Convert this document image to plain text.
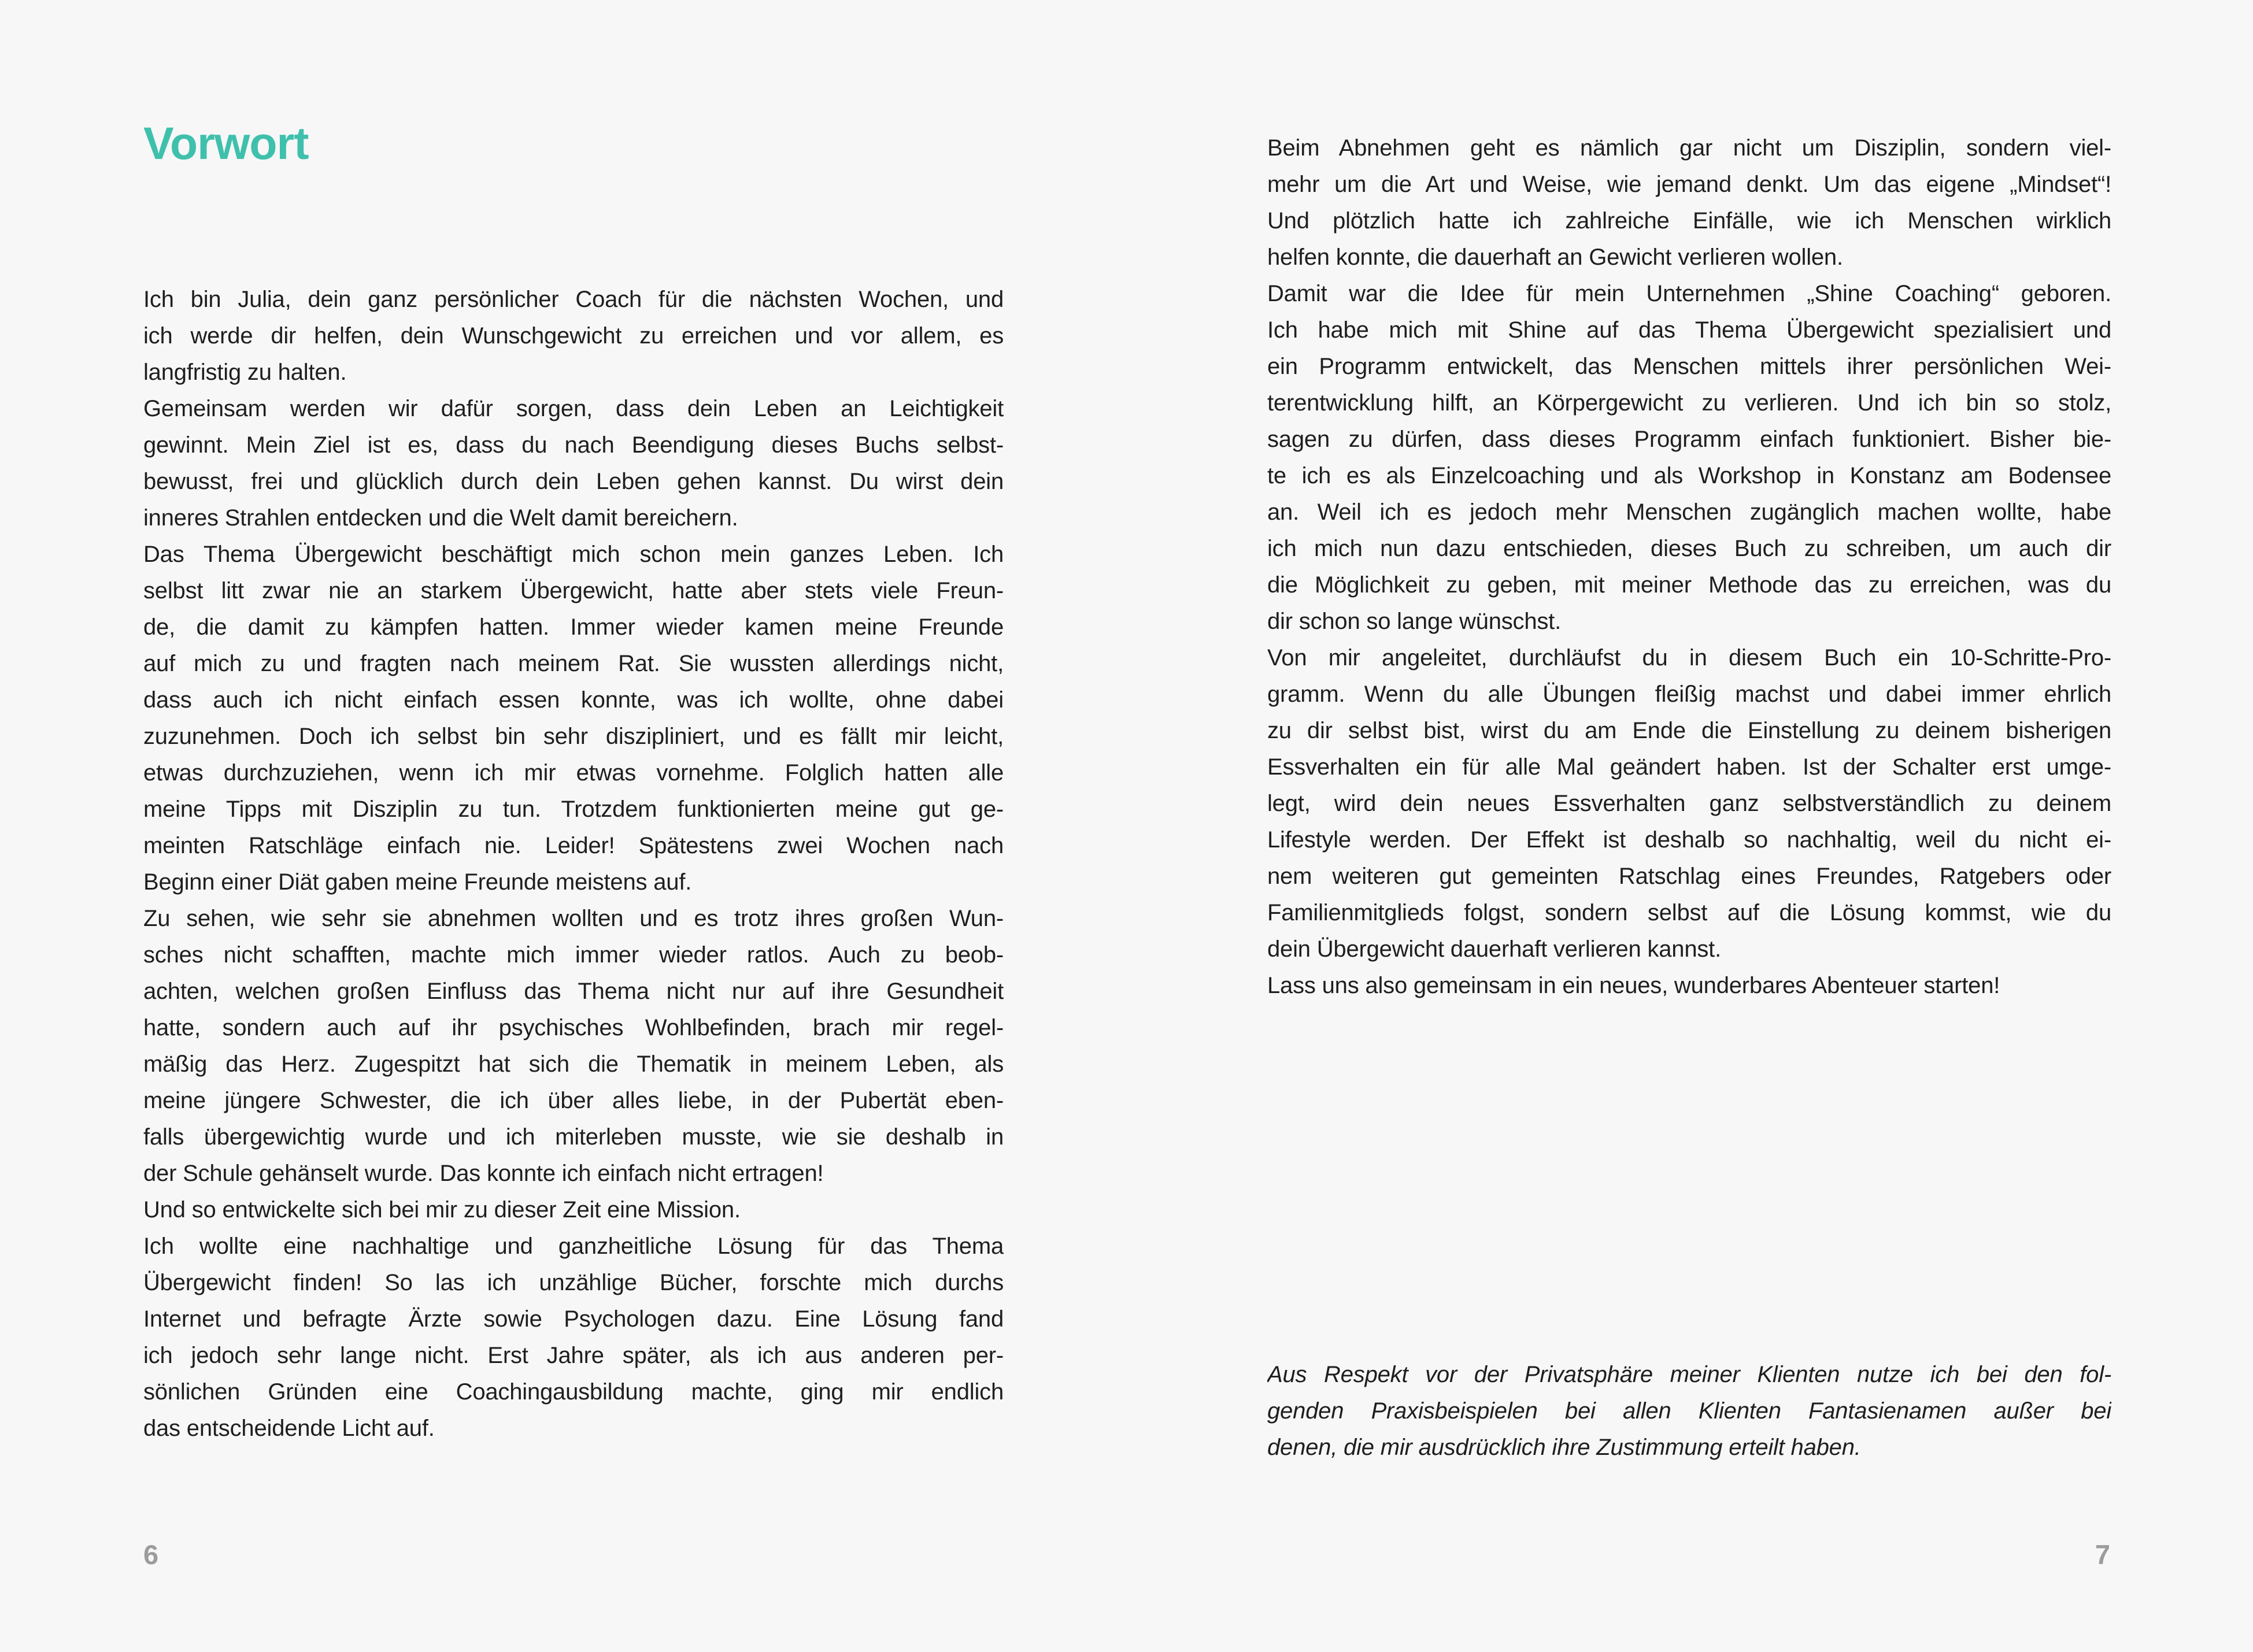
Vorwort
Ich bin Julia, dein ganz persönlicher Coach für die nächsten Wochen, und
ich werde dir helfen, dein Wunschgewicht zu erreichen und vor allem, es
langfristig zu halten.
Gemeinsam werden wir dafür sorgen, dass dein Leben an Leichtigkeit
gewinnt. Mein Ziel ist es, dass du nach Beendigung dieses Buchs selbst-
bewusst, frei und glücklich durch dein Leben gehen kannst. Du wirst dein
inneres Strahlen entdecken und die Welt damit bereichern.
Das Thema Übergewicht beschäftigt mich schon mein ganzes Leben. Ich
selbst litt zwar nie an starkem Übergewicht, hatte aber stets viele Freun-
de, die damit zu kämpfen hatten. Immer wieder kamen meine Freunde
auf mich zu und fragten nach meinem Rat. Sie wussten allerdings nicht,
dass auch ich nicht einfach essen konnte, was ich wollte, ohne dabei
zuzunehmen. Doch ich selbst bin sehr diszipliniert, und es fällt mir leicht,
etwas durchzuziehen, wenn ich mir etwas vornehme. Folglich hatten alle
meine Tipps mit Disziplin zu tun. Trotzdem funktionierten meine gut ge-
meinten Ratschläge einfach nie. Leider! Spätestens zwei Wochen nach
Beginn einer Diät gaben meine Freunde meistens auf.
Zu sehen, wie sehr sie abnehmen wollten und es trotz ihres großen Wun-
sches nicht schafften, machte mich immer wieder ratlos. Auch zu beob-
achten, welchen großen Einfluss das Thema nicht nur auf ihre Gesundheit
hatte, sondern auch auf ihr psychisches Wohlbefinden, brach mir regel-
mäßig das Herz. Zugespitzt hat sich die Thematik in meinem Leben, als
meine jüngere Schwester, die ich über alles liebe, in der Pubertät eben-
falls übergewichtig wurde und ich miterleben musste, wie sie deshalb in
der Schule gehänselt wurde. Das konnte ich einfach nicht ertragen!
Und so entwickelte sich bei mir zu dieser Zeit eine Mission.
Ich wollte eine nachhaltige und ganzheitliche Lösung für das Thema
Übergewicht finden! So las ich unzählige Bücher, forschte mich durchs
Internet und befragte Ärzte sowie Psychologen dazu. Eine Lösung fand
ich jedoch sehr lange nicht. Erst Jahre später, als ich aus anderen per-
sönlichen Gründen eine Coachingausbildung machte, ging mir endlich
das entscheidende Licht auf.
6
Beim Abnehmen geht es nämlich gar nicht um Disziplin, sondern viel-
mehr um die Art und Weise, wie jemand denkt. Um das eigene „Mindset“!
Und plötzlich hatte ich zahlreiche Einfälle, wie ich Menschen wirklich
helfen konnte, die dauerhaft an Gewicht verlieren wollen.
Damit war die Idee für mein Unternehmen „Shine Coaching“ geboren.
Ich habe mich mit Shine auf das Thema Übergewicht spezialisiert und
ein Programm entwickelt, das Menschen mittels ihrer persönlichen Wei-
terentwicklung hilft, an Körpergewicht zu verlieren. Und ich bin so stolz,
sagen zu dürfen, dass dieses Programm einfach funktioniert. Bisher bie-
te ich es als Einzelcoaching und als Workshop in Konstanz am Bodensee
an. Weil ich es jedoch mehr Menschen zugänglich machen wollte, habe
ich mich nun dazu entschieden, dieses Buch zu schreiben, um auch dir
die Möglichkeit zu geben, mit meiner Methode das zu erreichen, was du
dir schon so lange wünschst.
Von mir angeleitet, durchläufst du in diesem Buch ein 10-Schritte-Pro-
gramm. Wenn du alle Übungen fleißig machst und dabei immer ehrlich
zu dir selbst bist, wirst du am Ende die Einstellung zu deinem bisherigen
Essverhalten ein für alle Mal geändert haben. Ist der Schalter erst umge-
legt, wird dein neues Essverhalten ganz selbstverständlich zu deinem
Lifestyle werden. Der Effekt ist deshalb so nachhaltig, weil du nicht ei-
nem weiteren gut gemeinten Ratschlag eines Freundes, Ratgebers oder
Familienmitglieds folgst, sondern selbst auf die Lösung kommst, wie du
dein Übergewicht dauerhaft verlieren kannst.
Lass uns also gemeinsam in ein neues, wunderbares Abenteuer starten!
Aus Respekt vor der Privatsphäre meiner Klienten nutze ich bei den fol-
genden Praxisbeispielen bei allen Klienten Fantasienamen außer bei
denen, die mir ausdrücklich ihre Zustimmung erteilt haben.
7
